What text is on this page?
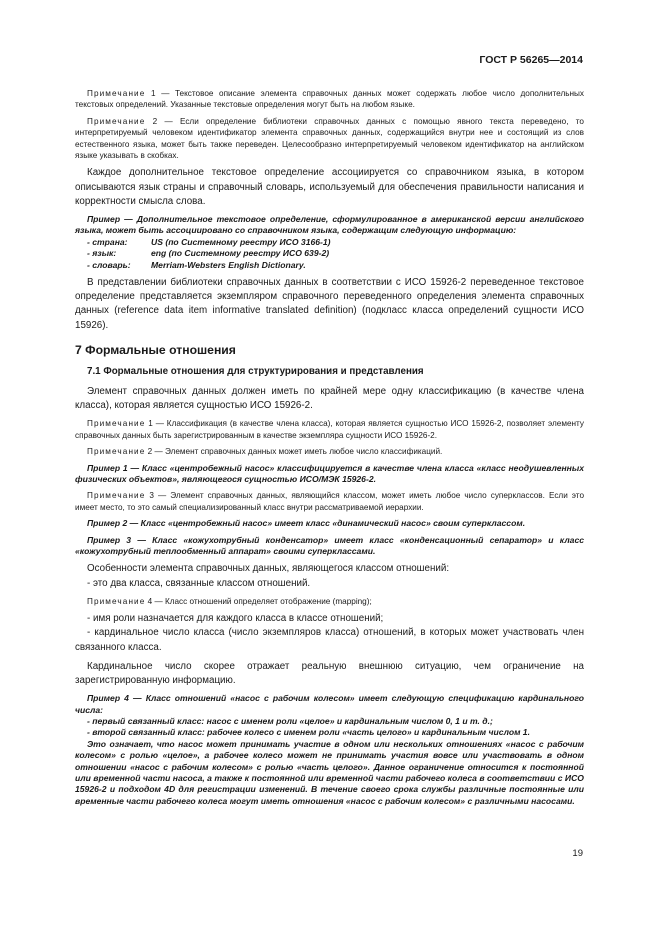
ГОСТ Р 56265—2014

Примечание 1 — Текстовое описание элемента справочных данных может содержать любое число дополнительных текстовых определений. Указанные текстовые определения могут быть на любом языке.

Примечание 2 — Если определение библиотеки справочных данных с помощью явного текста переведено, то интерпретируемый человеком идентификатор элемента справочных данных, содержащийся внутри нее и состоящий из слов естественного языка, может быть также переведен. Целесообразно интерпретируемый человеком идентификатор на английском языке указывать в скобках.

Каждое дополнительное текстовое определение ассоциируется со справочником языка, в котором описываются язык страны и справочный словарь, используемый для обеспечения правильности написания и корректности смысла слова.

Пример — Дополнительное текстовое определение, сформулированное в американской версии английского языка, может быть ассоциировано со справочником языка, содержащим следующую информацию:

- страна:	US (по Системному реестру ИСО 3166-1)
- язык:	eng (по Системному реестру ИСО 639-2)
- словарь: Merriam-Websters English Dictionary.

В представлении библиотеки справочных данных в соответствии с ИСО 15926-2 переведенное текстовое определение представляется экземпляром справочного переведенного определения элемента справочных данных (reference data item informative translated definition) (подкласс класса определений сущности ИСО 15926).

7 Формальные отношения
7.1 Формальные отношения для структурирования и представления

Элемент справочных данных должен иметь по крайней мере одну классификацию (в качестве члена класса), которая является сущностью ИСО 15926-2.

Примечание 1 — Классификация (в качестве члена класса), которая является сущностью ИСО 15926-2, позволяет элементу справочных данных быть зарегистрированным в качестве экземпляра сущности ИСО 15926-2.

Примечание 2 — Элемент справочных данных может иметь любое число классификаций.

Пример 1 — Класс «центробежный насос» классифицируется в качестве члена класса «класс неодушевленных физических объектов», являющегося сущностью ИСО/МЭК 15926-2.

Примечание 3 — Элемент справочных данных, являющийся классом, может иметь любое число суперклассов. Если это имеет место, то это самый специализированный класс внутри рассматриваемой иерархии.

Пример 2 — Класс «центробежный насос» имеет класс «динамический насос» своим суперклассом.

Пример 3 — Класс «кожухотрубный конденсатор» имеет класс «конденсационный сепаратор» и класс «кожухотрубный теплообменный аппарат» своими суперклассами.

Особенности элемента справочных данных, являющегося классом отношений:

- это два класса, связанные классом отношений.

Примечание 4 — Класс отношений определяет отображение (mapping);

- имя роли назначается для каждого класса в классе отношений;

- кардинальное число класса (число экземпляров класса) отношений, в которых может участвовать член связанного класса.

Кардинальное число скорее отражает реальную внешнюю ситуацию, чем ограничение на зарегистрированную информацию.

Пример 4 — Класс отношений «насос с рабочим колесом» имеет следующую спецификацию кардинального числа:

- первый связанный класс: насос с именем роли «целое» и кардинальным числом 0, 1 и т. д.;
- второй связанный класс: рабочее колесо с именем роли «часть целого» и кардинальным числом 1.

Это означает, что насос может принимать участие в одном или нескольких отношениях «насос с рабочим колесом» с ролью «целое», а рабочее колесо может не принимать участия вовсе или участвовать в одном отношении «насос с рабочим колесом» с ролью «часть целого». Данное ограничение относится к постоянной или временной части насоса, а также к постоянной или временной части рабочего колеса в соответствии с ИСО 15926-2 и подходом 4D для регистрации изменений. В течение своего срока службы различные постоянные или временные части рабочего колеса могут иметь отношения «насос с рабочим колесом» с различными насосами.

19
